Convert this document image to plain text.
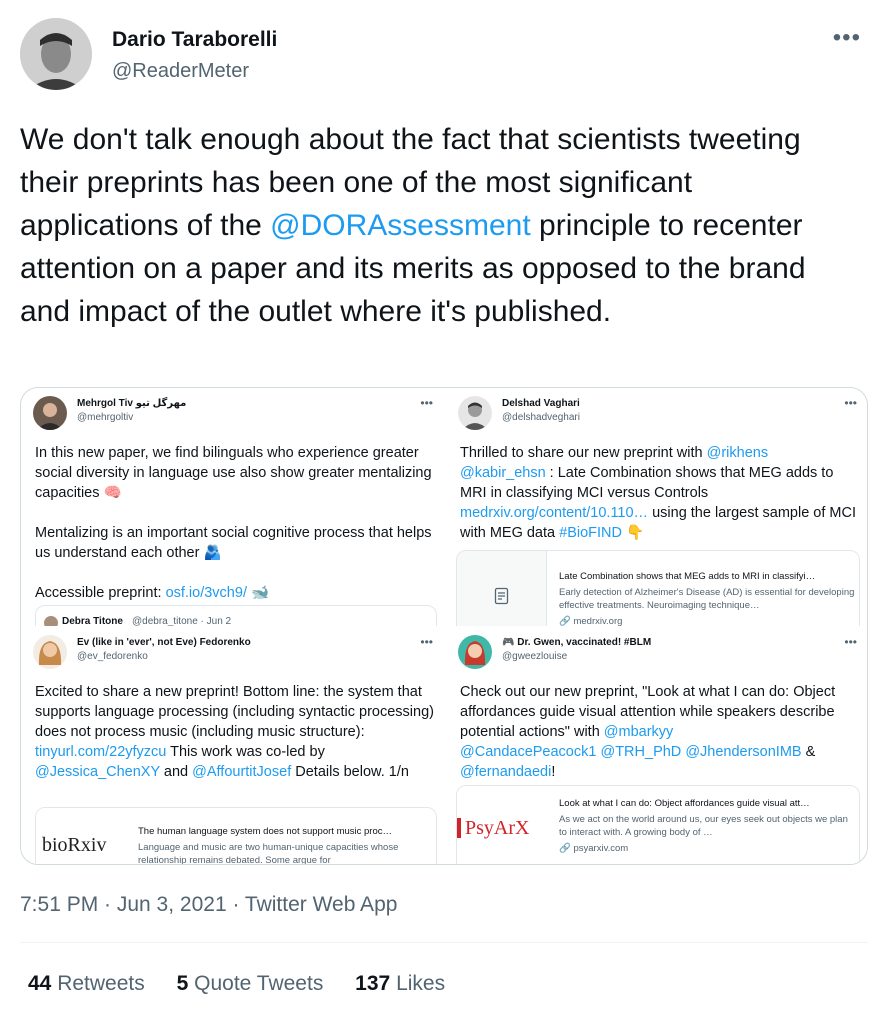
Dario Taraborelli
@ReaderMeter
•••
We don't talk enough about the fact that scientists tweeting their preprints has been one of the most significant applications of the @DORAssessment principle to recenter attention on a paper and its merits as opposed to the brand and impact of the outlet where it's published.
Mehrgol Tiv مهرگل تیو
@mehrgoltiv
•••
In this new paper, we find bilinguals who experience greater social diversity in language use also show greater mentalizing capacities 🧠
Mentalizing is an important social cognitive process that helps us understand each other 🫂
Accessible preprint: osf.io/3vch9/ 🐋
Debra Titone @debra_titone · Jun 2
Delshad Vaghari
@delshadveghari
•••
Thrilled to share our new preprint with @rikhens
@kabir_ehsn : Late Combination shows that MEG adds to MRI in classifying MCI versus Controls medrxiv.org/content/10.110… using the largest sample of MCI with MEG data #BioFIND 👇
Late Combination shows that MEG adds to MRI in classifyi…
Early detection of Alzheimer's Disease (AD) is essential for developing effective treatments. Neuroimaging technique…
🔗 medrxiv.org
Ev (like in 'ever', not Eve) Fedorenko
@ev_fedorenko
•••
Excited to share a new preprint! Bottom line: the system that supports language processing (including syntactic processing) does not process music (including music structure): tinyurl.com/22yfyzcu This work was co-led by @Jessica_ChenXY and @AffourtitJosef Details below. 1/n
bioRxiv
The human language system does not support music proc…
Language and music are two human-unique capacities whose relationship remains debated. Some argue for
🎮 Dr. Gwen, vaccinated! #BLM
@gweezlouise
•••
Check out our new preprint, "Look at what I can do: Object affordances guide visual attention while speakers describe potential actions" with @mbarkyy
@CandacePeacock1 @TRH_PhD @JhendersonIMB &
@fernandaedi!
PsyArX
Look at what I can do: Object affordances guide visual att…
As we act on the world around us, our eyes seek out objects we plan to interact with. A growing body of …
🔗 psyarxiv.com
7:51 PM · Jun 3, 2021 · Twitter Web App
44 Retweets 5 Quote Tweets 137 Likes
